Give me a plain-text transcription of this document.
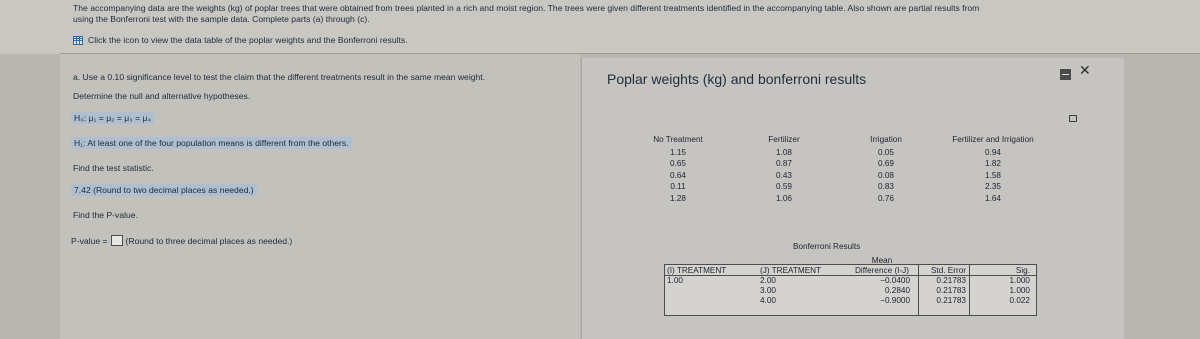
The accompanying data are the weights (kg) of poplar trees that were obtained from trees planted in a rich and moist region. The trees were given different treatments identified in the accompanying table. Also shown are partial results from
using the Bonferroni test with the sample data. Complete parts (a) through (c).
Click the icon to view the data table of the poplar weights and the Bonferroni results.
a. Use a 0.10 significance level to test the claim that the different treatments result in the same mean weight.
Determine the null and alternative hypotheses.
H₀: μ₁ = μ₂ = μ₃ = μ₄
H₁: At least one of the four population means is different from the others.
Find the test statistic.
7.42 (Round to two decimal places as needed.)
Find the P-value.
P-value = (Round to three decimal places as needed.)
Poplar weights (kg) and bonferroni results
✕
No Treatment
1.15
0.65
0.64
0.11
1.28
Fertilizer
1.08
0.87
0.43
0.59
1.06
Irrigation
0.05
0.69
0.08
0.83
0.76
Fertilizer and Irrigation
0.94
1.82
1.58
2.35
1.64
Bonferroni Results
(I) TREATMENT
1.00
(J) TREATMENT
2.00
3.00
4.00
Mean
Difference (I-J)
−0.0400
0.2840
−0.9000
Std. Error
0.21783
0.21783
0.21783
Sig.
1.000
1.000
0.022
